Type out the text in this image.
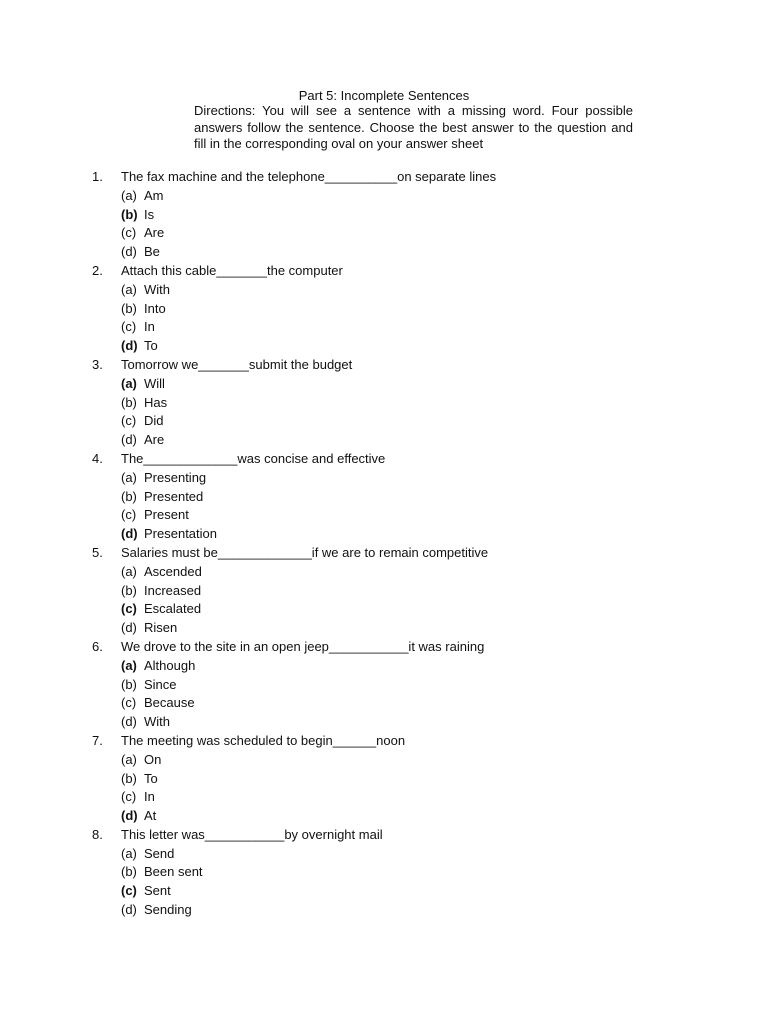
Part 5: Incomplete Sentences
Directions: You will see a sentence with a missing word. Four possible answers follow the sentence. Choose the best answer to the question and fill in the corresponding oval on your answer sheet
1. The fax machine and the telephone__________on separate lines
(a) Am
(b) Is
(c) Are
(d) Be
2. Attach this cable_______the computer
(a) With
(b) Into
(c) In
(d) To
3. Tomorrow we_______submit the budget
(a) Will
(b) Has
(c) Did
(d) Are
4. The_____________was concise and effective
(a) Presenting
(b) Presented
(c) Present
(d) Presentation
5. Salaries must be_____________if we are to remain competitive
(a) Ascended
(b) Increased
(c) Escalated
(d) Risen
6. We drove to the site in an open jeep___________it was raining
(a) Although
(b) Since
(c) Because
(d) With
7. The meeting was scheduled to begin______noon
(a) On
(b) To
(c) In
(d) At
8. This letter was___________by overnight mail
(a) Send
(b) Been sent
(c) Sent
(d) Sending
